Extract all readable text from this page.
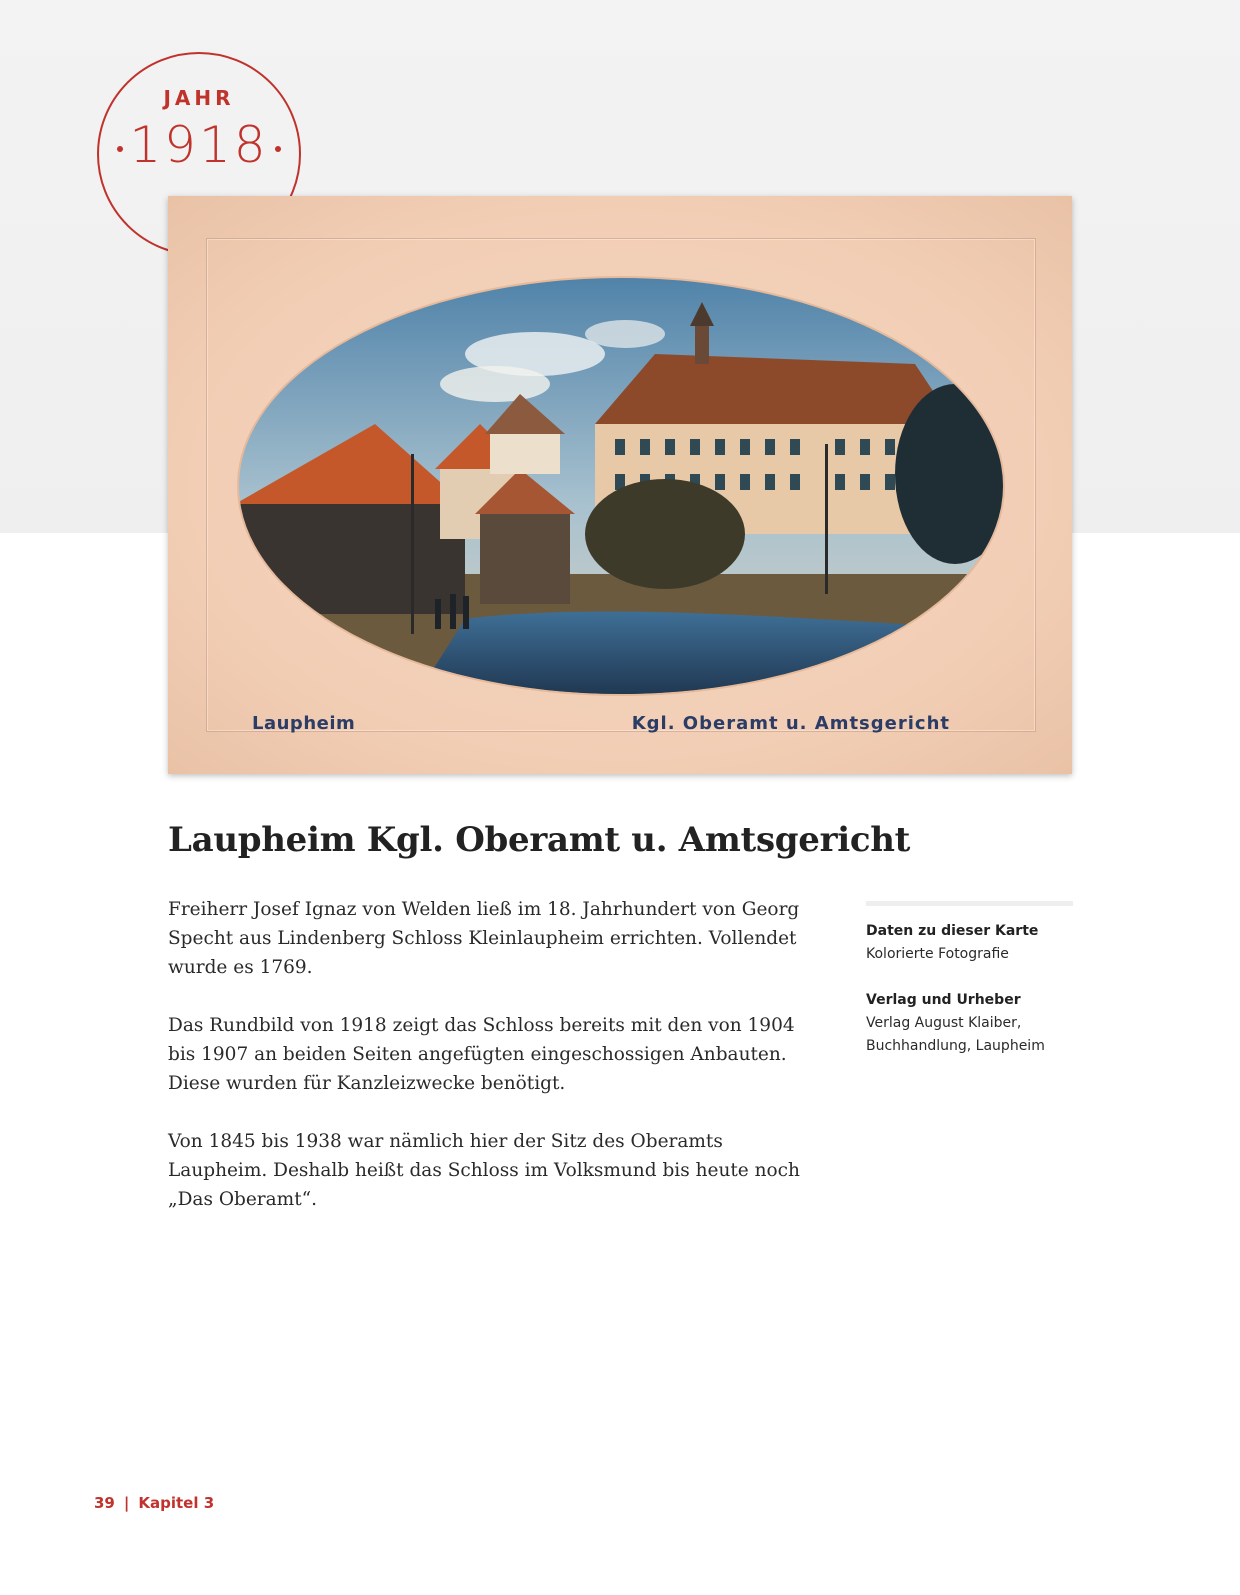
JAHR
1918
Laupheim	Kgl. Oberamt u. Amtsgericht
Laupheim Kgl. Oberamt u. Amtsgericht

Freiherr Josef Ignaz von Welden ließ im 18. Jahrhundert von Georg Specht aus Lindenberg Schloss Kleinlaupheim errichten. Vollendet wurde es 1769.

Das Rundbild von 1918 zeigt das Schloss bereits mit den von 1904 bis 1907 an beiden Seiten angefügten eingeschossigen Anbauten. Diese wurden für Kanzleizwecke benötigt.

Von 1845 bis 1938 war nämlich hier der Sitz des Oberamts Laupheim. Deshalb heißt das Schloss im Volksmund bis heute noch „Das Oberamt“.

Daten zu dieser Karte
Kolorierte Fotografie
Verlag und Urheber
Verlag August Klaiber,
Buchhandlung, Laupheim
39 | Kapitel 3
